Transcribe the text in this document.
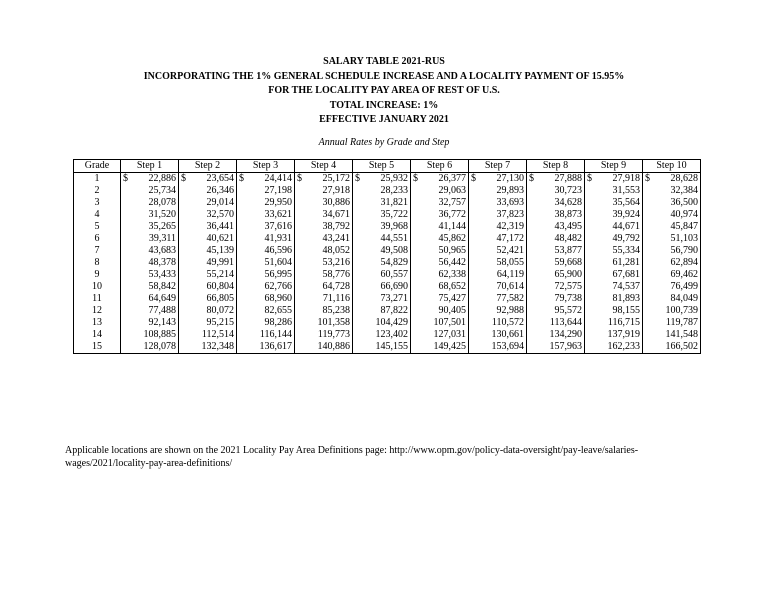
SALARY TABLE 2021-RUS
INCORPORATING THE 1% GENERAL SCHEDULE INCREASE AND A LOCALITY PAYMENT OF 15.95%
FOR THE LOCALITY PAY AREA OF REST OF U.S.
TOTAL INCREASE: 1%
EFFECTIVE JANUARY 2021
Annual Rates by Grade and Step
Grade	Step 1	Step 2	Step 3	Step 4	Step 5	Step 6	Step 7	Step 8	Step 9	Step 10
1	$ 22,886	$ 23,654	$ 24,414	$ 25,172	$ 25,932	$ 26,377	$ 27,130	$ 27,888	$ 27,918	$ 28,628

2	25,734	26,346	27,198	27,918	28,233	29,063	29,893	30,723	31,553	32,384
3	28,078	29,014	29,950	30,886	31,821	32,757	33,693	34,628	35,564	36,500
4	31,520	32,570	33,621	34,671	35,722	36,772	37,823	38,873	39,924	40,974
5	35,265	36,441	37,616	38,792	39,968	41,144	42,319	43,495	44,671	45,847
6	39,311	40,621	41,931	43,241	44,551	45,862	47,172	48,482	49,792	51,103
7	43,683	45,139	46,596	48,052	49,508	50,965	52,421	53,877	55,334	56,790
8	48,378	49,991	51,604	53,216	54,829	56,442	58,055	59,668	61,281	62,894
9	53,433	55,214	56,995	58,776	60,557	62,338	64,119	65,900	67,681	69,462
10	58,842	60,804	62,766	64,728	66,690	68,652	70,614	72,575	74,537	76,499
11	64,649	66,805	68,960	71,116	73,271	75,427	77,582	79,738	81,893	84,049
12	77,488	80,072	82,655	85,238	87,822	90,405	92,988	95,572	98,155	100,739
13	92,143	95,215	98,286	101,358	104,429	107,501	110,572	113,644	116,715	119,787
14	108,885	112,514	116,144	119,773	123,402	127,031	130,661	134,290	137,919	141,548
15	128,078	132,348	136,617	140,886	145,155	149,425	153,694	157,963	162,233	166,502
Applicable locations are shown on the 2021 Locality Pay Area Definitions page: http://www.opm.gov/policy-data-oversight/pay-leave/salaries-wages/2021/locality-pay-area-definitions/
